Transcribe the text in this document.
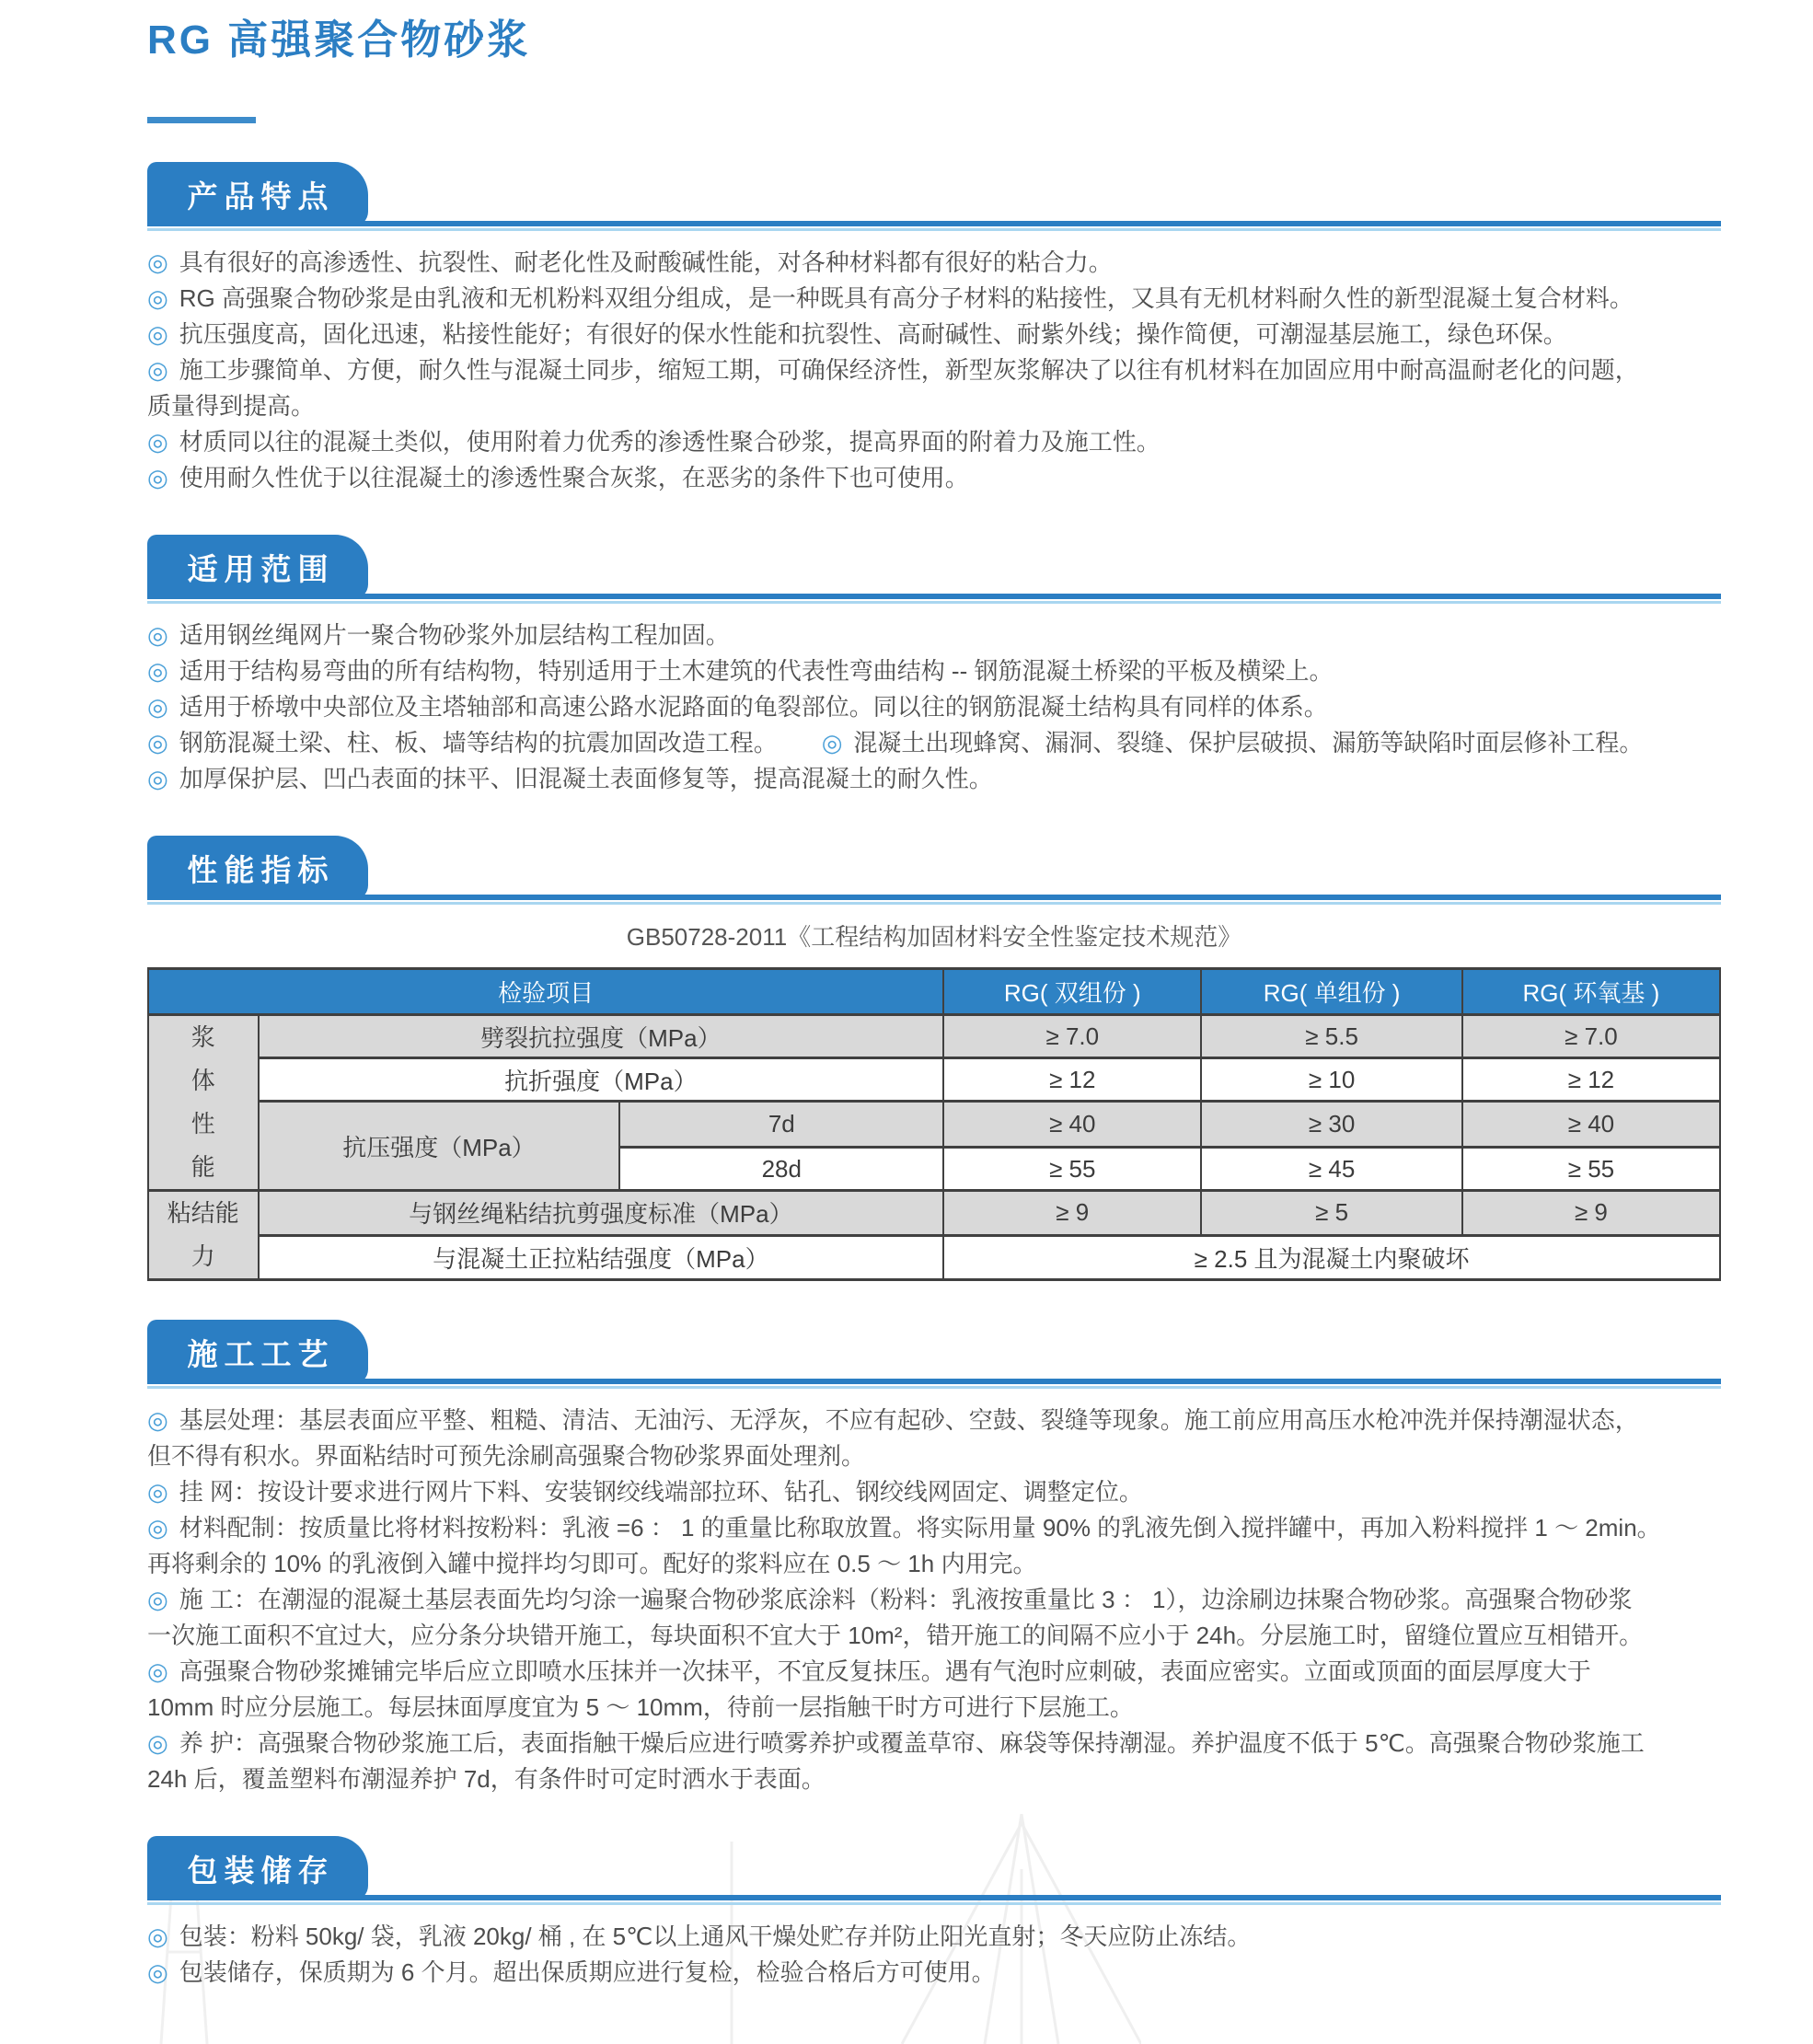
RG 高强聚合物砂浆
产品特点

◎ 具有很好的高渗透性、抗裂性、耐老化性及耐酸碱性能，对各种材料都有很好的粘合力。

◎ RG 高强聚合物砂浆是由乳液和无机粉料双组分组成，是一种既具有高分子材料的粘接性，又具有无机材料耐久性的新型混凝土复合材料。

◎ 抗压强度高，固化迅速，粘接性能好；有很好的保水性能和抗裂性、高耐碱性、耐紫外线；操作简便，可潮湿基层施工，绿色环保。

◎ 施工步骤简单、方便，耐久性与混凝土同步，缩短工期，可确保经济性，新型灰浆解决了以往有机材料在加固应用中耐高温耐老化的问题，

质量得到提高。

◎ 材质同以往的混凝土类似，使用附着力优秀的渗透性聚合砂浆，提高界面的附着力及施工性。

◎ 使用耐久性优于以往混凝土的渗透性聚合灰浆，在恶劣的条件下也可使用。

适用范围

◎ 适用钢丝绳网片一聚合物砂浆外加层结构工程加固。

◎ 适用于结构易弯曲的所有结构物，特别适用于土木建筑的代表性弯曲结构 -- 钢筋混凝土桥梁的平板及横梁上。

◎ 适用于桥墩中央部位及主塔轴部和高速公路水泥路面的龟裂部位。同以往的钢筋混凝土结构具有同样的体系。

◎ 钢筋混凝土梁、柱、板、墙等结构的抗震加固改造工程。 ◎ 混凝土出现蜂窝、漏洞、裂缝、保护层破损、漏筋等缺陷时面层修补工程。

◎ 加厚保护层、凹凸表面的抹平、旧混凝土表面修复等，提高混凝土的耐久性。

性能指标
GB50728-2011《工程结构加固材料安全性鉴定技术规范》
检验项目			RG( 双组份 )	RG( 单组份 )	RG( 环氧基 )

浆
体
性
能	劈裂抗拉强度（MPa）		≥ 7.0	≥ 5.5	≥ 7.0
	抗折强度（MPa）		≥ 12	≥ 10	≥ 12
	抗压强度（MPa）	7d	≥ 40	≥ 30	≥ 40
		28d	≥ 55	≥ 45	≥ 55

粘结能
力	与钢丝绳粘结抗剪强度标准（MPa）		≥ 9	≥ 5	≥ 9
	与混凝土正拉粘结强度（MPa）		≥ 2.5 且为混凝土内聚破坏		
施工工艺

◎ 基层处理：基层表面应平整、粗糙、清洁、无油污、无浮灰，不应有起砂、空鼓、裂缝等现象。施工前应用高压水枪冲洗并保持潮湿状态，

但不得有积水。界面粘结时可预先涂刷高强聚合物砂浆界面处理剂。

◎ 挂 网：按设计要求进行网片下料、安装钢绞线端部拉环、钻孔、钢绞线网固定、调整定位。

◎ 材料配制：按质量比将材料按粉料：乳液 =6 ： 1 的重量比称取放置。将实际用量 90% 的乳液先倒入搅拌罐中，再加入粉料搅拌 1 ～ 2min。

再将剩余的 10% 的乳液倒入罐中搅拌均匀即可。配好的浆料应在 0.5 ～ 1h 内用完。

◎ 施 工：在潮湿的混凝土基层表面先均匀涂一遍聚合物砂浆底涂料（粉料：乳液按重量比 3 ： 1），边涂刷边抹聚合物砂浆。高强聚合物砂浆

一次施工面积不宜过大，应分条分块错开施工，每块面积不宜大于 10m²，错开施工的间隔不应小于 24h。分层施工时，留缝位置应互相错开。

◎ 高强聚合物砂浆摊铺完毕后应立即喷水压抹并一次抹平，不宜反复抹压。遇有气泡时应刺破，表面应密实。立面或顶面的面层厚度大于

10mm 时应分层施工。每层抹面厚度宜为 5 ～ 10mm，待前一层指触干时方可进行下层施工。

◎ 养 护：高强聚合物砂浆施工后，表面指触干燥后应进行喷雾养护或覆盖草帘、麻袋等保持潮湿。养护温度不低于 5℃。高强聚合物砂浆施工

24h 后，覆盖塑料布潮湿养护 7d，有条件时可定时洒水于表面。

包装储存

◎ 包装：粉料 50kg/ 袋，乳液 20kg/ 桶 , 在 5℃以上通风干燥处贮存并防止阳光直射；冬天应防止冻结。

◎ 包装储存，保质期为 6 个月。超出保质期应进行复检，检验合格后方可使用。
